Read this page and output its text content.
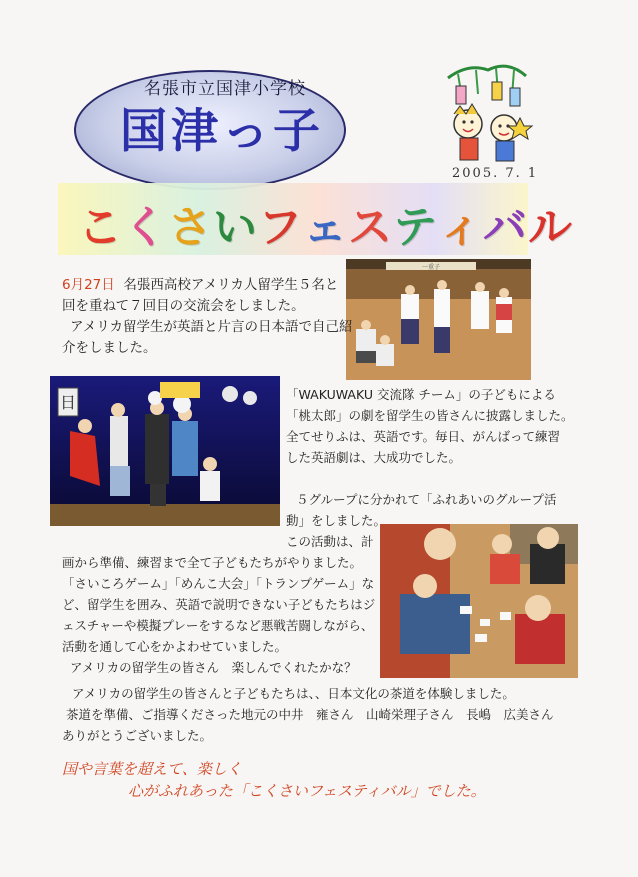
名張市立国津小学校
国津っ子
2005. 7. 1
こくさいフェスティバル
一重子
日
6月27日 名張西高校アメリカ人留学生５名と
回を重ねて７回目の交流会をしました。
アメリカ留学生が英語と片言の日本語で自己紹
介をしました。
「WAKUWAKU 交流隊 チーム」の子どもによる
「桃太郎」の劇を留学生の皆さんに披露しました。
全てせりふは、英語です。毎日、がんばって練習
した英語劇は、大成功でした。
５グループに分かれて「ふれあいのグループ活
動」をしました。
この活動は、計
画から準備、練習まで全て子どもたちがやりました。
「さいころゲーム」「めんこ大会」「トランプゲーム」な
ど、留学生を囲み、英語で説明できない子どもたちはジ
ェスチャーや模擬プレーをするなど悪戦苦闘しながら、
活動を通して心をかよわせていました。
アメリカの留学生の皆さん　楽しんでくれたかな？
アメリカの留学生の皆さんと子どもたちは、、日本文化の茶道を体験しました。
茶道を準備、ご指導くださった地元の中井　雍さん　山崎栄理子さん　長嶋　広美さん
ありがとうございました。
国や言葉を超えて、楽しく
心がふれあった「こくさいフェスティバル」でした。
